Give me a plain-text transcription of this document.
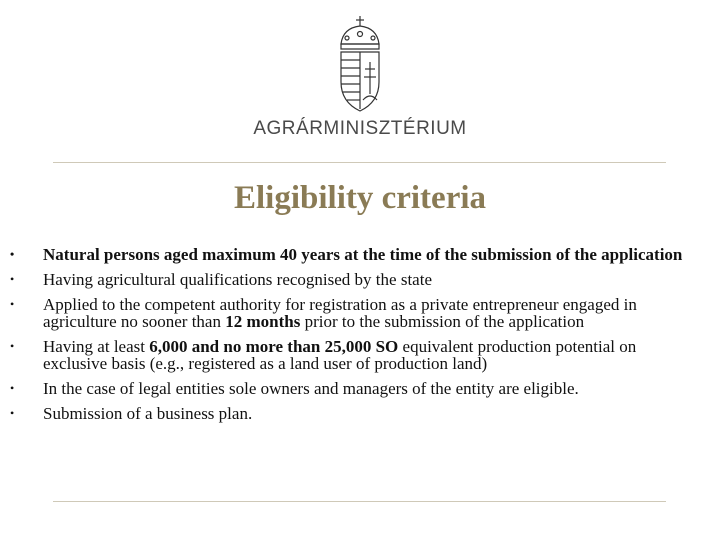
AGRÁRMINISZTÉRIUM
Eligibility criteria
• Natural persons aged maximum 40 years at the time of the submission of the application
• Having agricultural qualifications recognised by the state
• Applied to the competent authority for registration as a private entrepreneur engaged in agriculture no sooner than 12 months prior to the submission of the application
• Having at least 6,000 and no more than 25,000 SO equivalent production potential on exclusive basis (e.g., registered as a land user of production land)
• In the case of legal entities sole owners and managers of the entity are eligible.
• Submission of a business plan.
